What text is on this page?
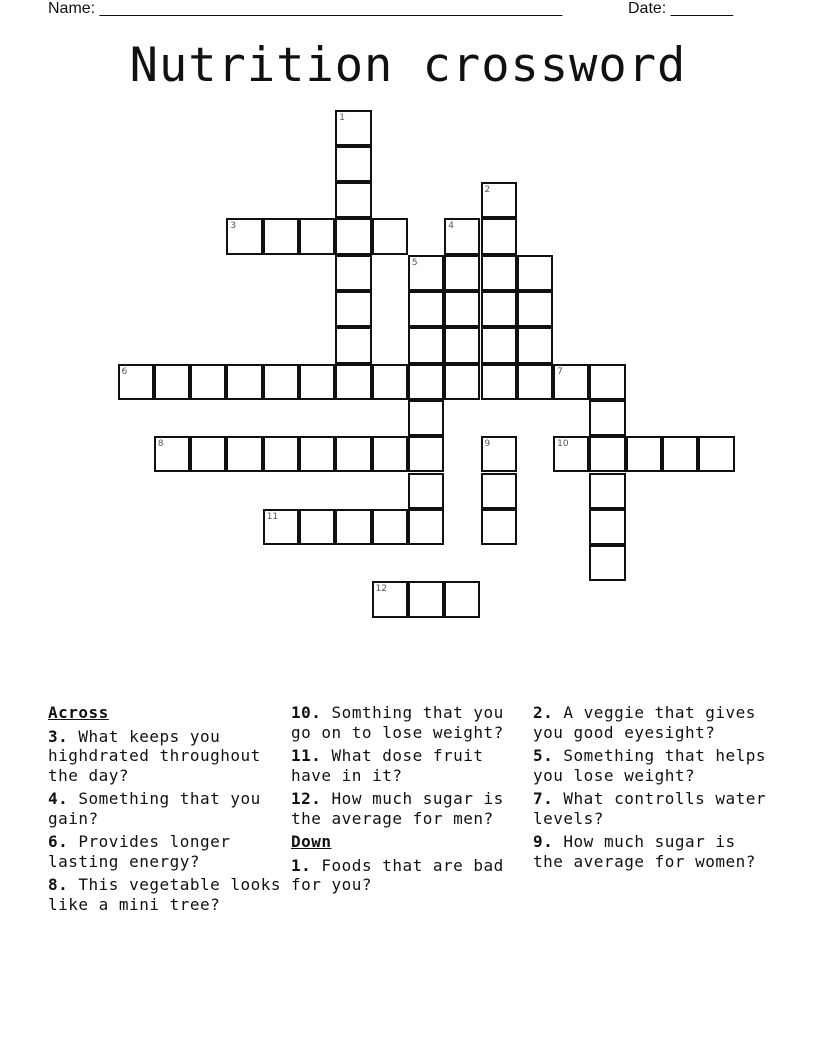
Name: ____________________________________________________	Date: _______
Nutrition crossword
1
2
3
6	7
8	9
11
12
4
5
10
Across
3. What keeps you highdrated throughout the day?
4. Something that you gain?
6. Provides longer lasting energy?
8. This vegetable looks like a mini tree?
10. Somthing that you go on to lose weight?
11. What dose fruit have in it?
12. How much sugar is the average for men?
Down
1. Foods that are bad for you?
2. A veggie that gives you good eyesight?
5. Something that helps you lose weight?
7. What controlls water levels?
9. How much sugar is the average for women?
